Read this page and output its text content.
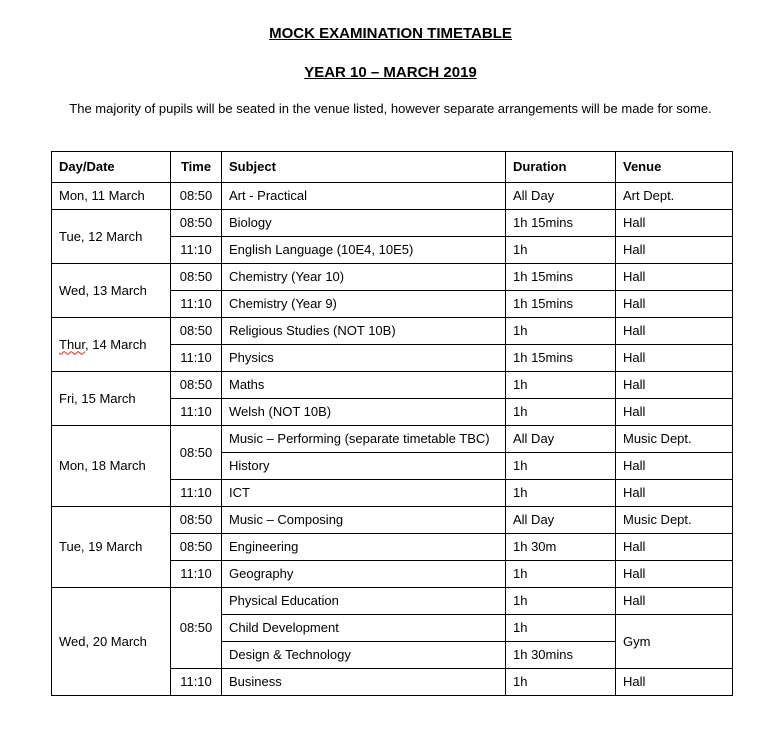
MOCK EXAMINATION TIMETABLE
YEAR 10 – MARCH 2019
The majority of pupils will be seated in the venue listed, however separate arrangements will be made for some.
Day/Date	Time	Subject	Duration	Venue
Mon, 11 March	08:50	Art - Practical	All Day	Art Dept.
Tue, 12 March	08:50	Biology	1h 15mins	Hall
	11:10	English Language (10E4, 10E5)	1h	Hall
Wed, 13 March	08:50	Chemistry (Year 10)	1h 15mins	Hall
	11:10	Chemistry (Year 9)	1h 15mins	Hall
Thur, 14 March	08:50	Religious Studies (NOT 10B)	1h	Hall
	11:10	Physics	1h 15mins	Hall
Fri, 15 March	08:50	Maths	1h	Hall
	11:10	Welsh (NOT 10B)	1h	Hall
Mon, 18 March	08:50	Music – Performing (separate timetable TBC)	All Day	Music Dept.
		History	1h	Hall
	11:10	ICT	1h	Hall
Tue, 19 March	08:50	Music – Composing	All Day	Music Dept.
	08:50	Engineering	1h 30m	Hall
	11:10	Geography	1h	Hall
Wed, 20 March	08:50	Physical Education	1h	Hall
		Child Development	1h	Gym
		Design & Technology	1h 30mins	
	11:10	Business	1h	Hall
